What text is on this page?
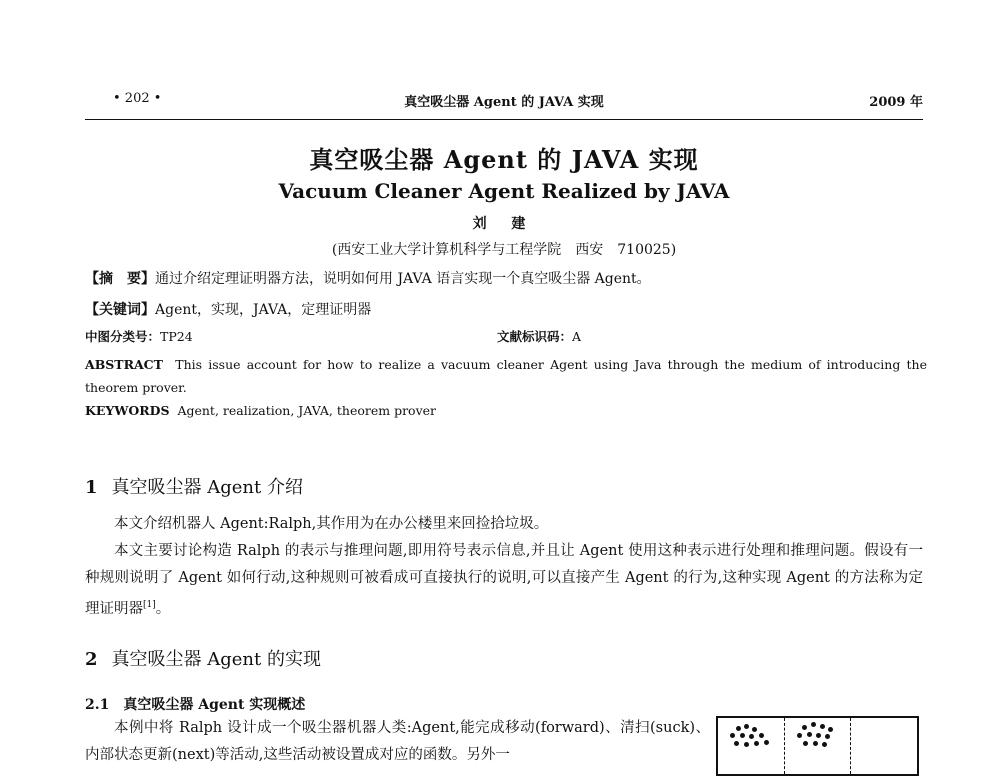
• 202 •	真空吸尘器 Agent 的 JAVA 实现	2009 年
真空吸尘器 Agent 的 JAVA 实现
Vacuum Cleaner Agent Realized by JAVA
刘 建
(西安工业大学计算机科学与工程学院　西安　710025)
【摘　要】通过介绍定理证明器方法，说明如何用 JAVA 语言实现一个真空吸尘器 Agent。
【关键词】Agent，实现，JAVA，定理证明器
中图分类号：TP24	文献标识码：A
ABSTRACT This issue account for how to realize a vacuum cleaner Agent using Java through the medium of introducing the theorem prover.
KEYWORDS Agent, realization, JAVA, theorem prover
1 真空吸尘器 Agent 介绍
本文介绍机器人 Agent:Ralph,其作用为在办公楼里来回捡拾垃圾。
本文主要讨论构造 Ralph 的表示与推理问题,即用符号表示信息,并且让 Agent 使用这种表示进行处理和推理问题。假设有一种规则说明了 Agent 如何行动,这种规则可被看成可直接执行的说明,可以直接产生 Agent 的行为,这种实现 Agent 的方法称为定理证明器[1]。
2 真空吸尘器 Agent 的实现
2.1 真空吸尘器 Agent 实现概述
本例中将 Ralph 设计成一个吸尘器机器人类:Agent,能完成移动(forward)、清扫(suck)、内部状态更新(next)等活动,这些活动被设置成对应的函数。另外一
